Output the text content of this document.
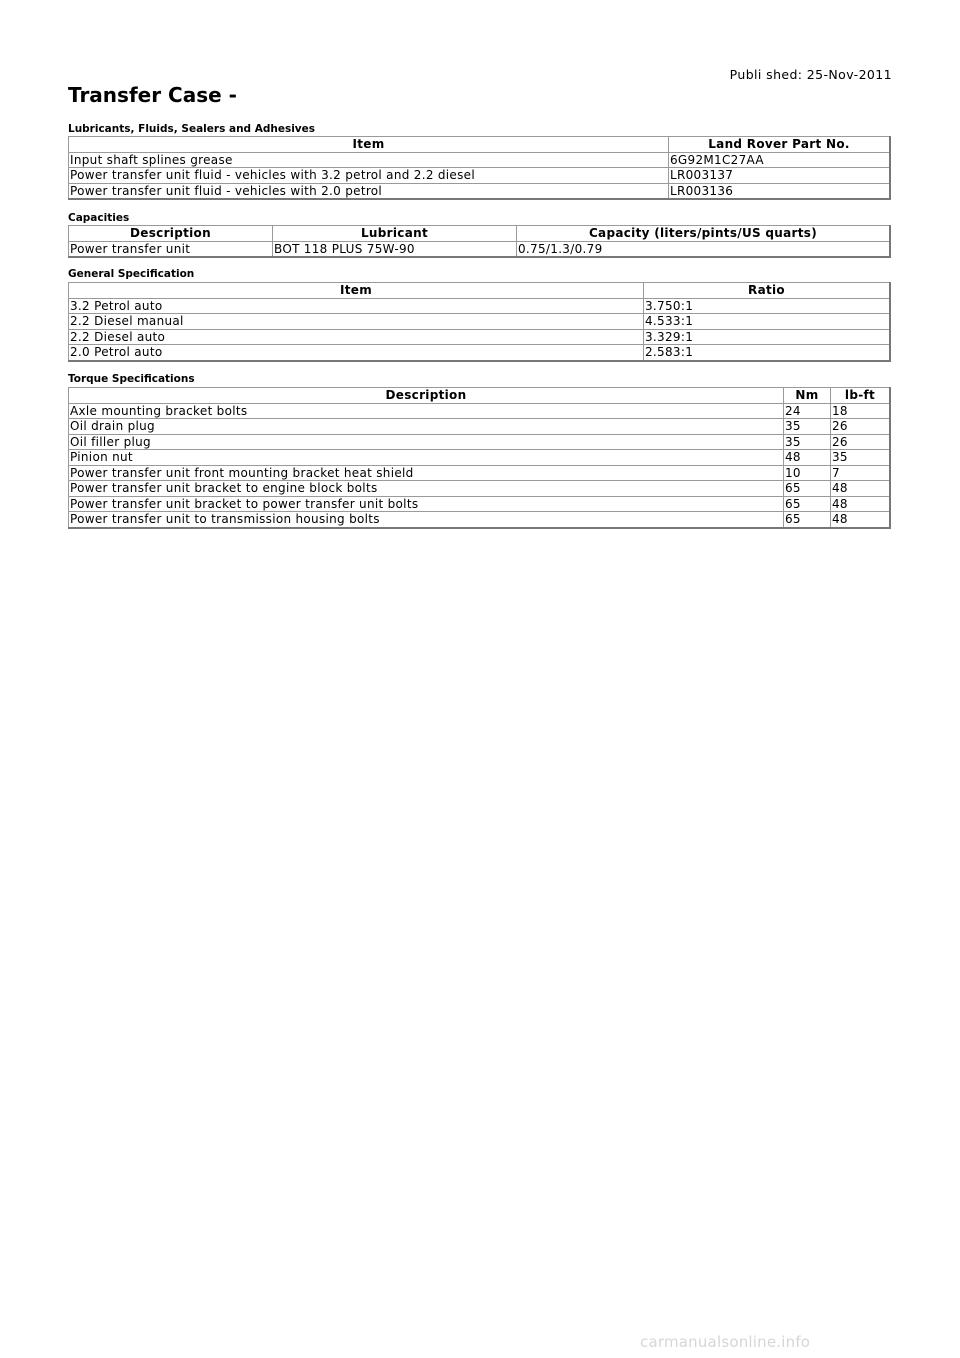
Publi shed: 25-Nov-2011
Transfer Case -
Lubricants, Fluids, Sealers and Adhesives
Item	Land Rover Part No.
Input shaft splines grease	6G92M1C27AA
Power transfer unit fluid - vehicles with 3.2 petrol and 2.2 diesel	LR003137
Power transfer unit fluid - vehicles with 2.0 petrol	LR003136
Capacities
Description	Lubricant	Capacity (liters/pints/US quarts)
Power transfer unit	BOT 118 PLUS 75W-90	0.75/1.3/0.79
General Specification
Item	Ratio
3.2 Petrol auto	3.750:1
2.2 Diesel manual	4.533:1
2.2 Diesel auto	3.329:1
2.0 Petrol auto	2.583:1
Torque Specifications
Description	Nm	lb-ft
Axle mounting bracket bolts	24	18
Oil drain plug	35	26
Oil filler plug	35	26
Pinion nut	48	35
Power transfer unit front mounting bracket heat shield	10	7
Power transfer unit bracket to engine block bolts	65	48
Power transfer unit bracket to power transfer unit bolts	65	48
Power transfer unit to transmission housing bolts	65	48
carmanualsonline.info
